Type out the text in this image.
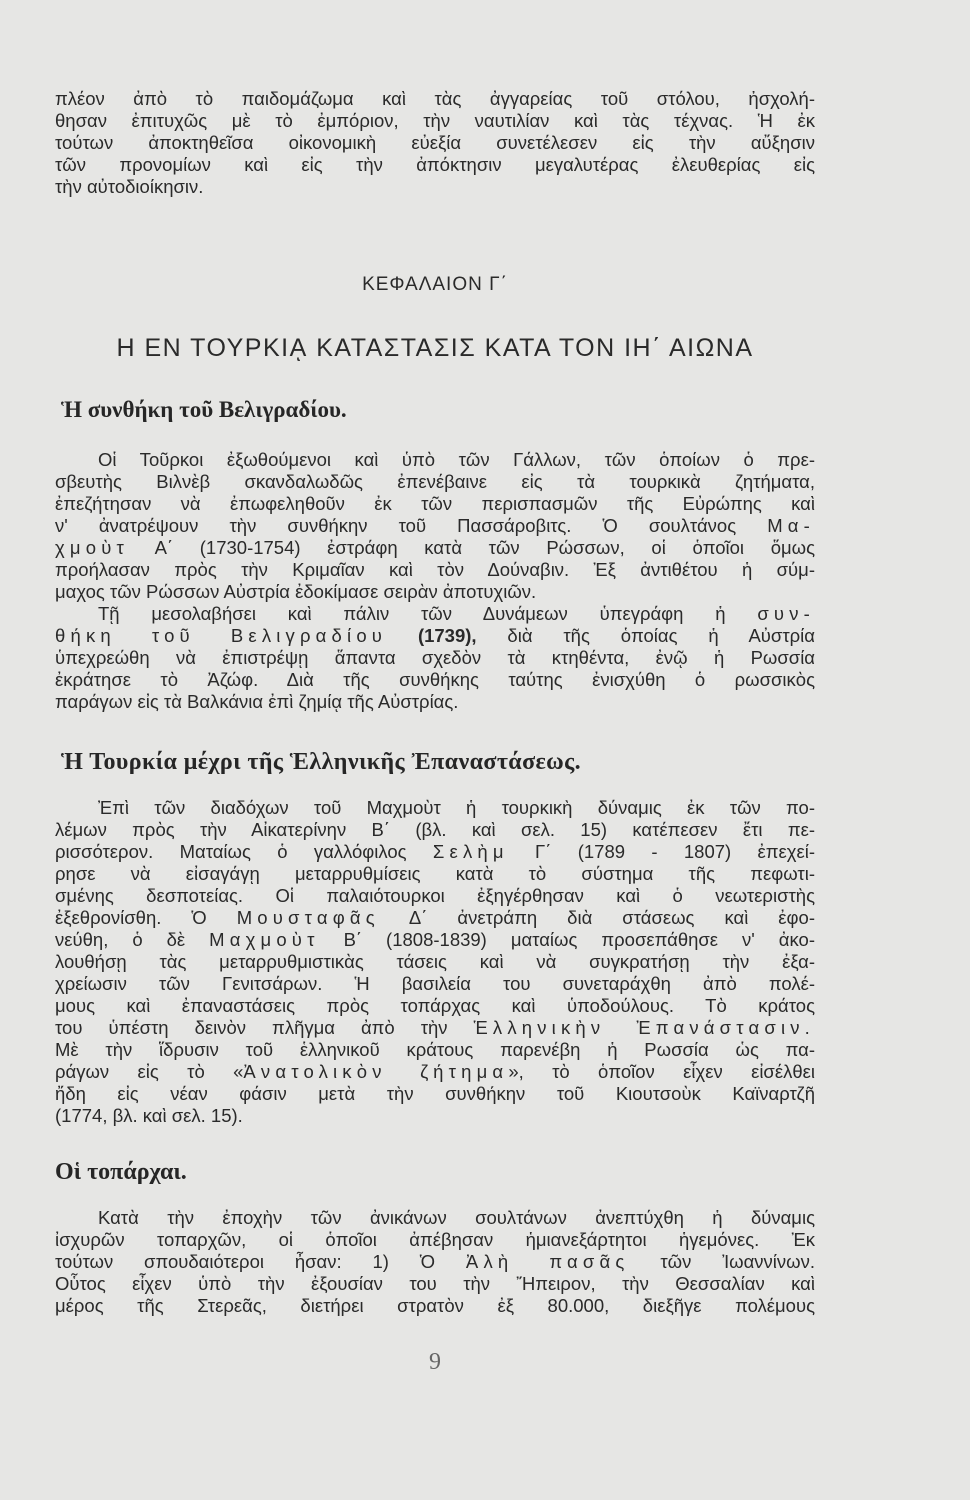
πλέον ἀπὸ τὸ παιδομάζωμα καὶ τὰς ἀγγαρείας τοῦ στόλου, ἠσχολή-
θησαν ἐπιτυχῶς μὲ τὸ ἐμπόριον, τὴν ναυτιλίαν καὶ τὰς τέχνας. Ἡ ἐκ
τούτων ἀποκτηθεῖσα οἰκονομικὴ εὐεξία συνετέλεσεν εἰς τὴν αὔξησιν
τῶν προνομίων καὶ εἰς τὴν ἀπόκτησιν μεγαλυτέρας ἐλευθερίας εἰς
τὴν αὐτοδιοίκησιν.
ΚΕΦΑΛΑΙΟΝ Γ΄
Η ΕΝ ΤΟΥΡΚΙᾼ ΚΑΤΑΣΤΑΣΙΣ ΚΑΤΑ ΤΟΝ ΙΗ΄ ΑΙΩΝΑ
Ἡ συνθήκη τοῦ Βελιγραδίου.
Οἱ Τοῦρκοι ἐξωθούμενοι καὶ ὑπὸ τῶν Γάλλων, τῶν ὁποίων ὁ πρε-
σβευτὴς Βιλνὲβ σκανδαλωδῶς ἐπενέβαινε εἰς τὰ τουρκικὰ ζητήματα,
ἐπεζήτησαν νὰ ἐπωφεληθοῦν ἐκ τῶν περισπασμῶν τῆς Εὐρώπης καὶ
ν' ἀνατρέψουν τὴν συνθήκην τοῦ Πασσάροβιτς. Ὁ σουλτάνος Μα-
χμοὺτ Α΄ (1730-1754) ἐστράφη κατὰ τῶν Ρώσσων, οἱ ὁποῖοι ὅμως
προήλασαν πρὸς τὴν Κριμαῖαν καὶ τὸν Δούναβιν. Ἐξ ἀντιθέτου ἡ σύμ-
μαχος τῶν Ρώσσων Αὐστρία ἐδοκίμασε σειρὰν ἀποτυχιῶν.
Τῇ μεσολαβήσει καὶ πάλιν τῶν Δυνάμεων ὑπεγράφη ἡ συν-
θήκη τοῦ Βελιγραδίου (1739), διὰ τῆς ὁποίας ἡ Αὐστρία
ὑπεχρεώθη νὰ ἐπιστρέψῃ ἅπαντα σχεδὸν τὰ κτηθέντα, ἐνῷ ἡ Ρωσσία
ἐκράτησε τὸ Ἀζώφ. Διὰ τῆς συνθήκης ταύτης ἐνισχύθη ὁ ρωσσικὸς
παράγων εἰς τὰ Βαλκάνια ἐπὶ ζημίᾳ τῆς Αὐστρίας.
Ἡ Τουρκία μέχρι τῆς Ἑλληνικῆς Ἐπαναστάσεως.
Ἐπὶ τῶν διαδόχων τοῦ Μαχμοὺτ ἡ τουρκικὴ δύναμις ἐκ τῶν πο-
λέμων πρὸς τὴν Αἰκατερίνην Β΄ (βλ. καὶ σελ. 15) κατέπεσεν ἔτι πε-
ρισσότερον. Ματαίως ὁ γαλλόφιλος Σελὴμ Γ΄ (1789 - 1807) ἐπεχεί-
ρησε νὰ εἰσαγάγῃ μεταρρυθμίσεις κατὰ τὸ σύστημα τῆς πεφωτι-
σμένης δεσποτείας. Οἱ παλαιότουρκοι ἐξηγέρθησαν καὶ ὁ νεωτεριστὴς
ἐξεθρονίσθη. Ὁ Μουσταφᾶς Δ΄ ἀνετράπη διὰ στάσεως καὶ ἐφο-
νεύθη, ὁ δὲ Μαχμοὺτ Β΄ (1808-1839) ματαίως προσεπάθησε ν' ἀκο-
λουθήσῃ τὰς μεταρρυθμιστικὰς τάσεις καὶ νὰ συγκρατήσῃ τὴν ἐξα-
χρείωσιν τῶν Γενιτσάρων. Ἡ βασιλεία του συνεταράχθη ἀπὸ πολέ-
μους καὶ ἐπαναστάσεις πρὸς τοπάρχας καὶ ὑποδούλους. Τὸ κράτος
του ὑπέστη δεινὸν πλῆγμα ἀπὸ τὴν Ἑλληνικὴν Ἐπανάστασιν.
Μὲ τὴν ἵδρυσιν τοῦ ἑλληνικοῦ κράτους παρενέβη ἡ Ρωσσία ὡς πα-
ράγων εἰς τὸ «Ἀνατολικὸν ζήτημα», τὸ ὁποῖον εἶχεν εἰσέλθει
ἤδη εἰς νέαν φάσιν μετὰ τὴν συνθήκην τοῦ Κιουτσοὺκ Καϊναρτζῆ
(1774, βλ. καὶ σελ. 15).
Οἱ τοπάρχαι.
Κατὰ τὴν ἐποχὴν τῶν ἀνικάνων σουλτάνων ἀνεπτύχθη ἡ δύναμις
ἰσχυρῶν τοπαρχῶν, οἱ ὁποῖοι ἀπέβησαν ἡμιανεξάρτητοι ἡγεμόνες. Ἐκ
τούτων σπουδαιότεροι ἦσαν: 1) Ὁ Ἀλὴ πασᾶς τῶν Ἰωαννίνων.
Οὗτος εἶχεν ὑπὸ τὴν ἐξουσίαν του τὴν Ἤπειρον, τὴν Θεσσαλίαν καὶ
μέρος τῆς Στερεᾶς, διετήρει στρατὸν ἐξ 80.000, διεξῆγε πολέμους
9
